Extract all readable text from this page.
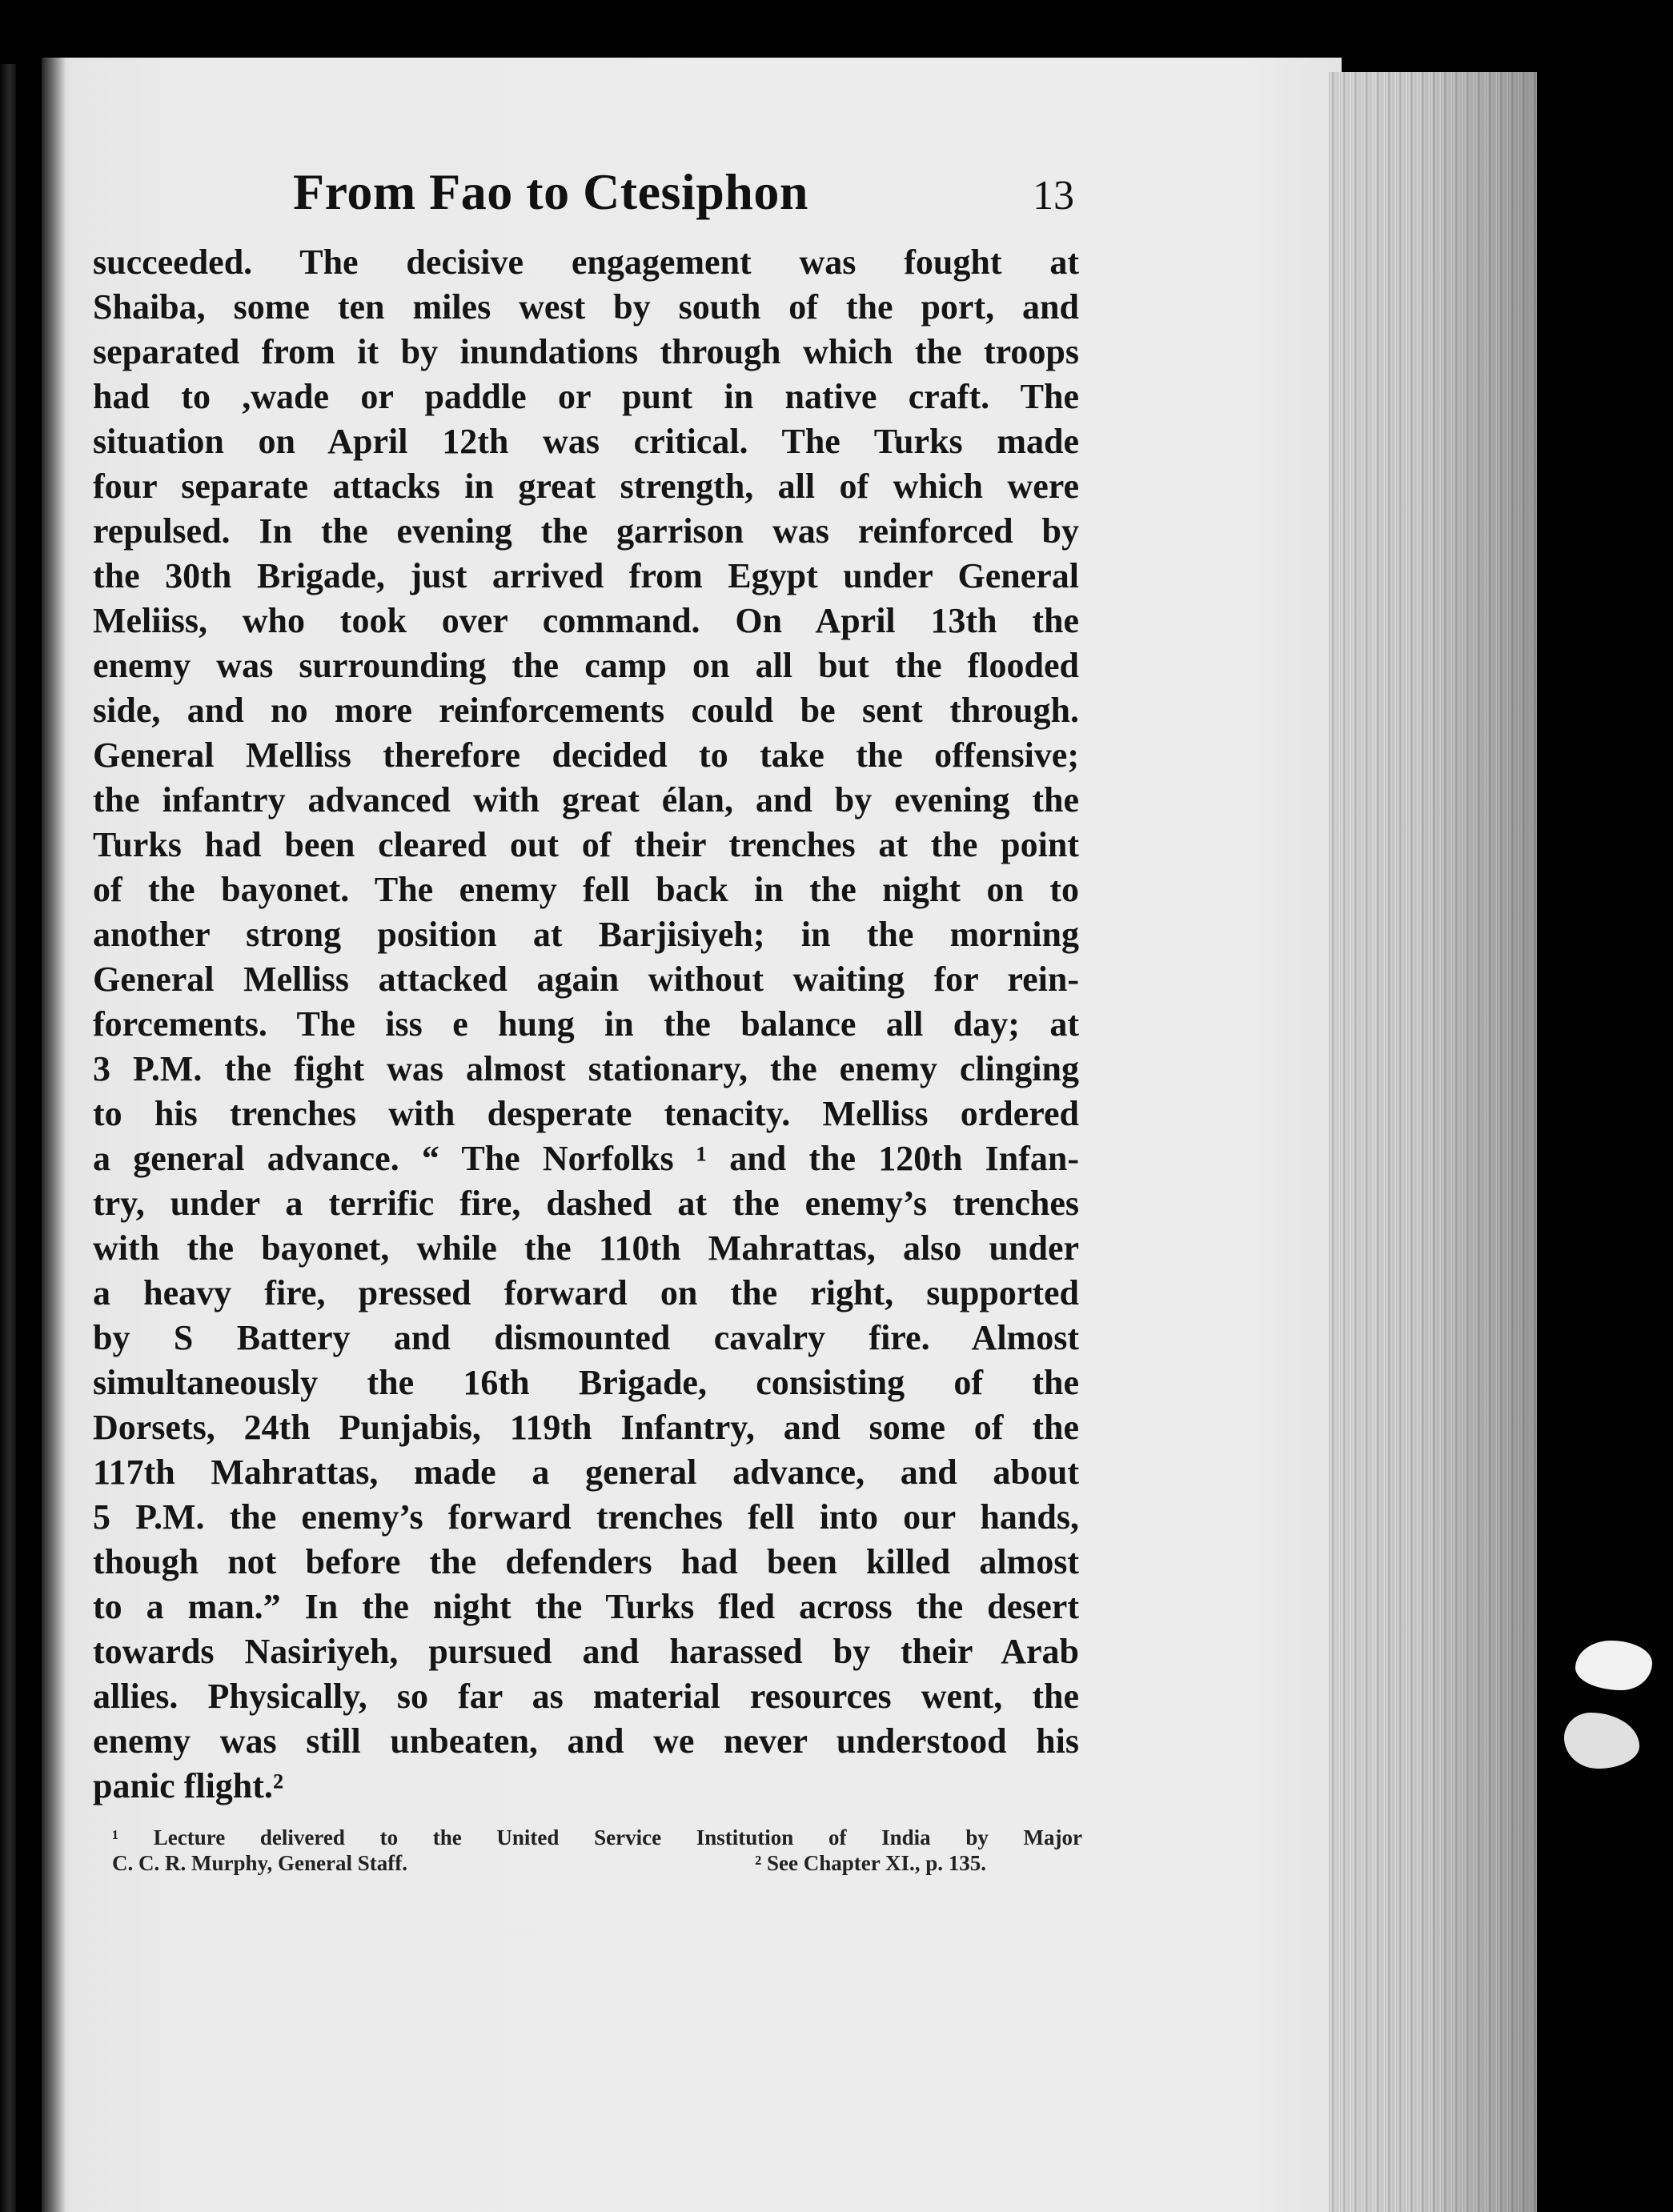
From Fao to Ctesiphon	13
succeeded. The decisive engagement was fought at
Shaiba, some ten miles west by south of the port, and
separated from it by inundations through which the troops
had to ,wade or paddle or punt in native craft. The
situation on April 12th was critical. The Turks made
four separate attacks in great strength, all of which were
repulsed. In the evening the garrison was reinforced by
the 30th Brigade, just arrived from Egypt under General
Meliiss, who took over command. On April 13th the
enemy was surrounding the camp on all but the flooded
side, and no more reinforcements could be sent through.
General Melliss therefore decided to take the offensive;
the infantry advanced with great élan, and by evening the
Turks had been cleared out of their trenches at the point
of the bayonet. The enemy fell back in the night on to
another strong position at Barjisiyeh; in the morning
General Melliss attacked again without waiting for rein-
forcements. The iss e hung in the balance all day; at
3 P.M. the fight was almost stationary, the enemy clinging
to his trenches with desperate tenacity. Melliss ordered
a general advance. “ The Norfolks ¹ and the 120th Infan-
try, under a terrific fire, dashed at the enemy’s trenches
with the bayonet, while the 110th Mahrattas, also under
a heavy fire, pressed forward on the right, supported
by S Battery and dismounted cavalry fire. Almost
simultaneously the 16th Brigade, consisting of the
Dorsets, 24th Punjabis, 119th Infantry, and some of the
117th Mahrattas, made a general advance, and about
5 P.M. the enemy’s forward trenches fell into our hands,
though not before the defenders had been killed almost
to a man.” In the night the Turks fled across the desert
towards Nasiriyeh, pursued and harassed by their Arab
allies. Physically, so far as material resources went, the
enemy was still unbeaten, and we never understood his
panic flight.²
¹ Lecture delivered to the United Service Institution of India by Major
C. C. R. Murphy, General Staff.	² See Chapter XI., p. 135.
